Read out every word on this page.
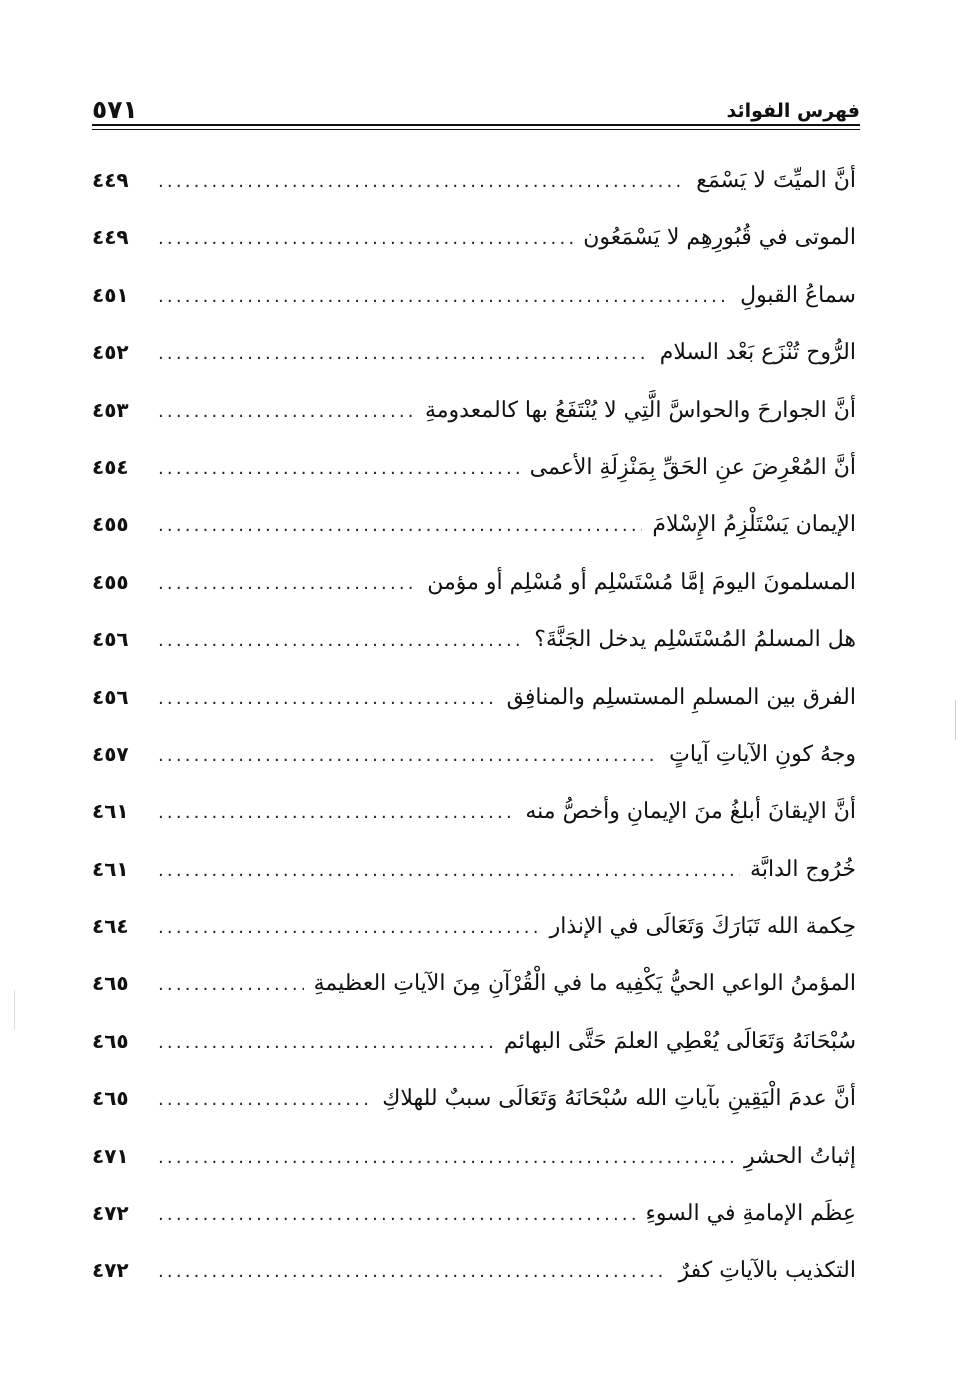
٥٧١	فهرس الفوائد
أنَّ الميِّتَ لا يَسْمَع
.....
٤٤٩
الموتى في قُبُورِهِم لا يَسْمَعُون
.....
٤٤٩
سماعُ القبولِ
.....
٤٥١
الرُّوح تُنْزَع بَعْد السلام
.....
٤٥٢
أنَّ الجوارحَ والحواسَّ الَّتِي لا يُنْتَفَعُ بها كالمعدومةِ
.....
٤٥٣
أنَّ المُعْرِضَ عنِ الحَقِّ بِمَنْزِلَةِ الأعمى
.....
٤٥٤
الإيمان يَسْتَلْزِمُ الإِسْلامَ
.....
٤٥٥
المسلمونَ اليومَ إمَّا مُسْتَسْلِم أو مُسْلِم أو مؤمن
.....
٤٥٥
هل المسلمُ المُسْتَسْلِم يدخل الجَنَّةَ؟
.....
٤٥٦
الفرق بين المسلمِ المستسلِم والمنافِق
.....
٤٥٦
وجهُ كونِ الآياتِ آياتٍ
.....
٤٥٧
أنَّ الإيقانَ أبلغُ منَ الإيمانِ وأخصُّ منه
.....
٤٦١
خُرُوج الدابَّة
.....
٤٦١
حِكمة الله تَبَارَكَ وَتَعَالَى في الإنذار
.....
٤٦٤
المؤمنُ الواعي الحيُّ يَكْفِيه ما في الْقُرْآنِ مِنَ الآياتِ العظيمةِ
.....
٤٦٥
سُبْحَانَهُ وَتَعَالَى يُعْطِي العلمَ حَتَّى البهائم
.....
٤٦٥
أنَّ عدمَ الْيَقِينِ بآياتِ الله سُبْحَانَهُ وَتَعَالَى سببٌ للهلاكِ
.....
٤٦٥
إثباتُ الحشرِ
.....
٤٧١
عِظَم الإمامةِ في السوءِ
.....
٤٧٢
التكذيب بالآياتِ كفرٌ
.....
٤٧٢
